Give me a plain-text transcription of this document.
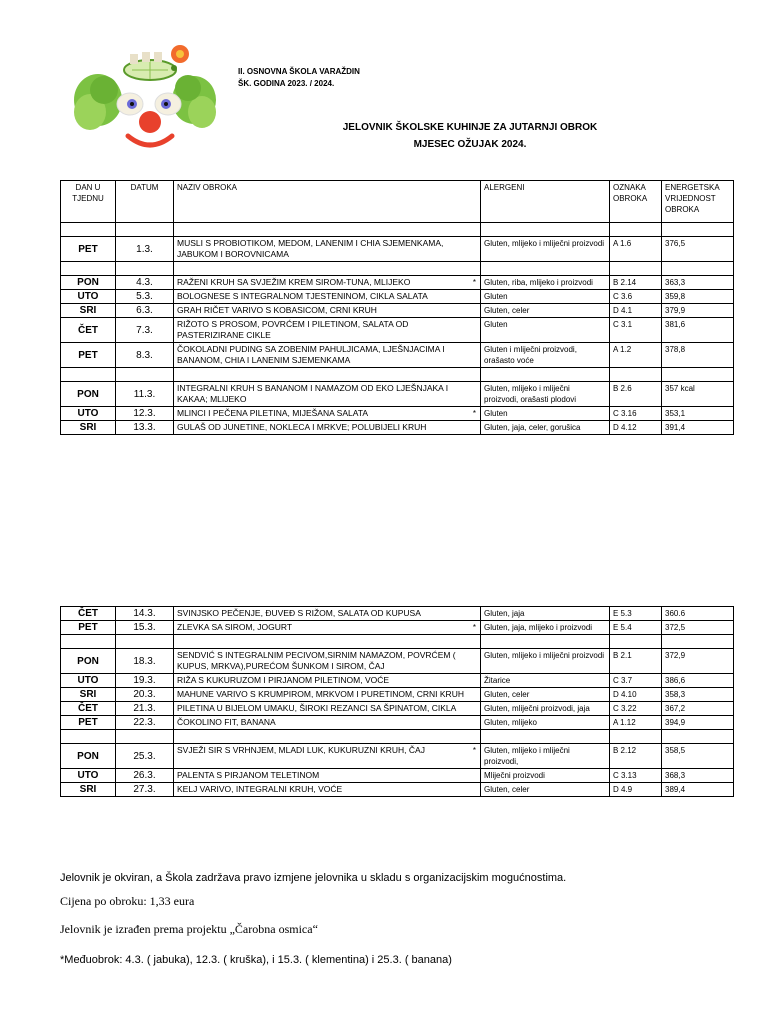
II. OSNOVNA ŠKOLA VARAŽDIN
ŠK. GODINA 2023. / 2024.
JELOVNIK ŠKOLSKE KUHINJE ZA JUTARNJI OBROK
MJESEC OŽUJAK 2024.
DAN U TJEDNU	DATUM	NAZIV OBROKA	ALERGENI	OZNAKA OBROKA	ENERGETSKA VRIJEDNOST OBROKA

PET	1.3.	MUSLI S PROBIOTIKOM, MEDOM, LANENIM I CHIA SJEMENKAMA, JABUKOM I BOROVNICAMA	Gluten, mlijeko i mliječni proizvodi	A 1.6	376,5

PON	4.3.	RAŽENI KRUH SA SVJEŽIM KREM SIROM-TUNA, MLIJEKO *	Gluten, riba, mlijeko i proizvodi	B 2.14	363,3
UTO	5.3.	BOLOGNESE S INTEGRALNOM TJESTENINOM, CIKLA SALATA	Gluten	C 3.6	359,8
SRI	6.3.	GRAH RIČET VARIVO S KOBASICOM, CRNI KRUH	Gluten, celer	D 4.1	379,9
ČET	7.3.	RIŽOTO S PROSOM, POVRĆEM I PILETINOM, SALATA OD PASTERIZIRANE CIKLE	Gluten	C 3.1	381,6
PET	8.3.	ČOKOLADNI PUDING SA ZOBENIM PAHULJICAMA, LJEŠNJACIMA I BANANOM, CHIA I LANENIM SJEMENKAMA	Gluten i mliječni proizvodi, orašasto voće	A 1.2	378,8

PON	11.3.	INTEGRALNI KRUH S BANANOM I NAMAZOM OD EKO LJEŠNJAKA I KAKAA; MLIJEKO	Gluten, mlijeko i mliječni proizvodi, orašasti plodovi	B 2.6	357 kcal
UTO	12.3.	MLINCI I PEČENA PILETINA, MIJEŠANA SALATA *	Gluten	C 3.16	353,1
SRI	13.3.	GULAŠ OD JUNETINE, NOKLECA I MRKVE; POLUBIJELI KRUH	Gluten, jaja, celer, gorušica	D 4.12	391,4
ČET	14.3.	SVINJSKO PEČENJE, ĐUVEĐ S RIŽOM, SALATA OD KUPUSA	Gluten, jaja	E 5.3	360.6
PET	15.3.	ZLEVKA SA SIROM, JOGURT *	Gluten, jaja, mlijeko i proizvodi	E 5.4	372,5

PON	18.3.	SENDVIĆ S INTEGRALNIM PECIVOM,SIRNIM NAMAZOM, POVRĆEM ( KUPUS, MRKVA),PUREĆOM ŠUNKOM I SIROM, ČAJ	Gluten, mlijeko i mliječni proizvodi	B 2.1	372,9
UTO	19.3.	RIŽA S KUKURUZOM I PIRJANOM PILETINOM, VOĆE	Žitarice	C 3.7	386,6
SRI	20.3.	MAHUNE VARIVO S KRUMPIROM, MRKVOM I PURETINOM, CRNI KRUH	Gluten, celer	D 4.10	358,3
ČET	21.3.	PILETINA U BIJELOM UMAKU, ŠIROKI REZANCI SA ŠPINATOM, CIKLA	Gluten, mliječni proizvodi, jaja	C 3.22	367,2
PET	22.3.	ČOKOLINO FIT, BANANA	Gluten, mlijeko	A 1.12	394,9

PON	25.3.	SVJEŽI SIR S VRHNJEM, MLADI LUK, KUKURUZNI KRUH, ČAJ *	Gluten, mlijeko i mliječni proizvodi,	B 2.12	358,5
UTO	26.3.	PALENTA S PIRJANOM TELETINOM	Mliječni proizvodi	C 3.13	368,3
SRI	27.3.	KELJ VARIVO, INTEGRALNI KRUH, VOĆE	Gluten, celer	D 4.9	389,4

Jelovnik je okviran, a Škola zadržava pravo izmjene jelovnika u skladu s organizacijskim mogućnostima.

Cijena po obroku: 1,33 eura

Jelovnik je izrađen prema projektu „Čarobna osmica“

*Međuobrok: 4.3. ( jabuka), 12.3. ( kruška), i 15.3. ( klementina) i 25.3. ( banana)
